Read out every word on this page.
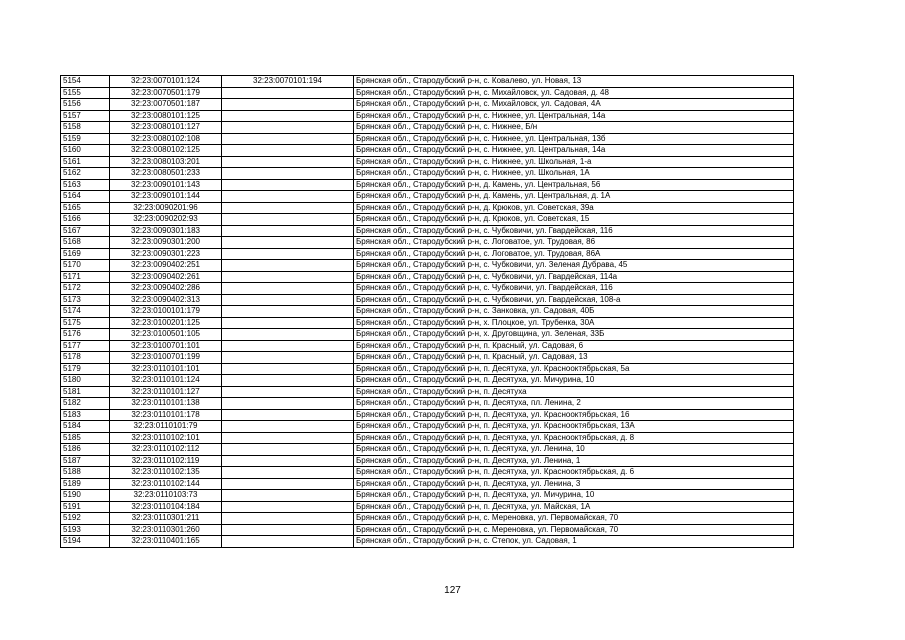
5154	32:23:0070101:124	32:23:0070101:194	Брянская обл., Стародубский р-н, с. Ковалево, ул. Новая, 13
5155	32:23:0070501:179		Брянская обл., Стародубский р-н, с. Михайловск, ул. Садовая, д. 48
5156	32:23:0070501:187		Брянская обл., Стародубский р-н, с. Михайловск, ул. Садовая, 4А
5157	32:23:0080101:125		Брянская обл., Стародубский р-н, с. Нижнее, ул. Центральная, 14а
5158	32:23:0080101:127		Брянская обл., Стародубский р-н, с. Нижнее, Б/н
5159	32:23:0080102:108		Брянская обл., Стародубский р-н, с. Нижнее, ул. Центральная, 13б
5160	32:23:0080102:125		Брянская обл., Стародубский р-н, с. Нижнее, ул. Центральная, 14а
5161	32:23:0080103:201		Брянская обл., Стародубский р-н, с. Нижнее, ул. Школьная, 1-а
5162	32:23:0080501:233		Брянская обл., Стародубский р-н, с. Нижнее, ул. Школьная, 1А
5163	32:23:0090101:143		Брянская обл., Стародубский р-н, д. Камень, ул. Центральная, 56
5164	32:23:0090101:144		Брянская обл., Стародубский р-н, д. Камень, ул. Центральная, д. 1А
5165	32:23:0090201:96		Брянская обл., Стародубский р-н, д. Крюков, ул. Советская, 39а
5166	32:23:0090202:93		Брянская обл., Стародубский р-н, д. Крюков, ул. Советская, 15
5167	32:23:0090301:183		Брянская обл., Стародубский р-н, с. Чубковичи, ул. Гвардейская, 116
5168	32:23:0090301:200		Брянская обл., Стародубский р-н, с. Логоватое, ул. Трудовая, 86
5169	32:23:0090301:223		Брянская обл., Стародубский р-н, с. Логоватое, ул. Трудовая, 86А
5170	32:23:0090402:251		Брянская обл., Стародубский р-н, с. Чубковичи, ул. Зеленая Дубрава, 45
5171	32:23:0090402:261		Брянская обл., Стародубский р-н, с. Чубковичи, ул. Гвардейская, 114а
5172	32:23:0090402:286		Брянская обл., Стародубский р-н, с. Чубковичи, ул. Гвардейская, 116
5173	32:23:0090402:313		Брянская обл., Стародубский р-н, с. Чубковичи, ул. Гвардейская, 108-а
5174	32:23:0100101:179		Брянская обл., Стародубский р-н, с. Занковка, ул. Садовая, 40Б
5175	32:23:0100201:125		Брянская обл., Стародубский р-н, х. Плоцкое, ул. Трубенка, 30А
5176	32:23:0100501:105		Брянская обл., Стародубский р-н, х. Друговщина, ул. Зеленая, 33Б
5177	32:23:0100701:101		Брянская обл., Стародубский р-н, п. Красный, ул. Садовая, 6
5178	32:23:0100701:199		Брянская обл., Стародубский р-н, п. Красный, ул. Садовая, 13
5179	32:23:0110101:101		Брянская обл., Стародубский р-н, п. Десятуха, ул. Краснооктябрьская, 5а
5180	32:23:0110101:124		Брянская обл., Стародубский р-н, п. Десятуха, ул. Мичурина, 10
5181	32:23:0110101:127		Брянская обл., Стародубский р-н, п. Десятуха
5182	32:23:0110101:138		Брянская обл., Стародубский р-н, п. Десятуха, пл. Ленина, 2
5183	32:23:0110101:178		Брянская обл., Стародубский р-н, п. Десятуха, ул. Краснооктябрьская, 16
5184	32:23:0110101:79		Брянская обл., Стародубский р-н, п. Десятуха, ул. Краснооктябрьская, 13А
5185	32:23:0110102:101		Брянская обл., Стародубский р-н, п. Десятуха, ул. Краснооктябрьская, д. 8
5186	32:23:0110102:112		Брянская обл., Стародубский р-н, п. Десятуха, ул. Ленина, 10
5187	32:23:0110102:119		Брянская обл., Стародубский р-н, п. Десятуха, ул. Ленина, 1
5188	32:23:0110102:135		Брянская обл., Стародубский р-н, п. Десятуха, ул. Краснооктябрьская, д. 6
5189	32:23:0110102:144		Брянская обл., Стародубский р-н, п. Десятуха, ул. Ленина, 3
5190	32:23:0110103:73		Брянская обл., Стародубский р-н, п. Десятуха, ул. Мичурина, 10
5191	32:23:0110104:184		Брянская обл., Стародубский р-н, п. Десятуха, ул. Майская, 1А
5192	32:23:0110301:211		Брянская обл., Стародубский р-н, с. Мереновка, ул. Первомайская, 70
5193	32:23:0110301:260		Брянская обл., Стародубский р-н, с. Мереновка, ул. Первомайская, 70
5194	32:23:0110401:165		Брянская обл., Стародубский р-н, с. Степок, ул. Садовая, 1
127
